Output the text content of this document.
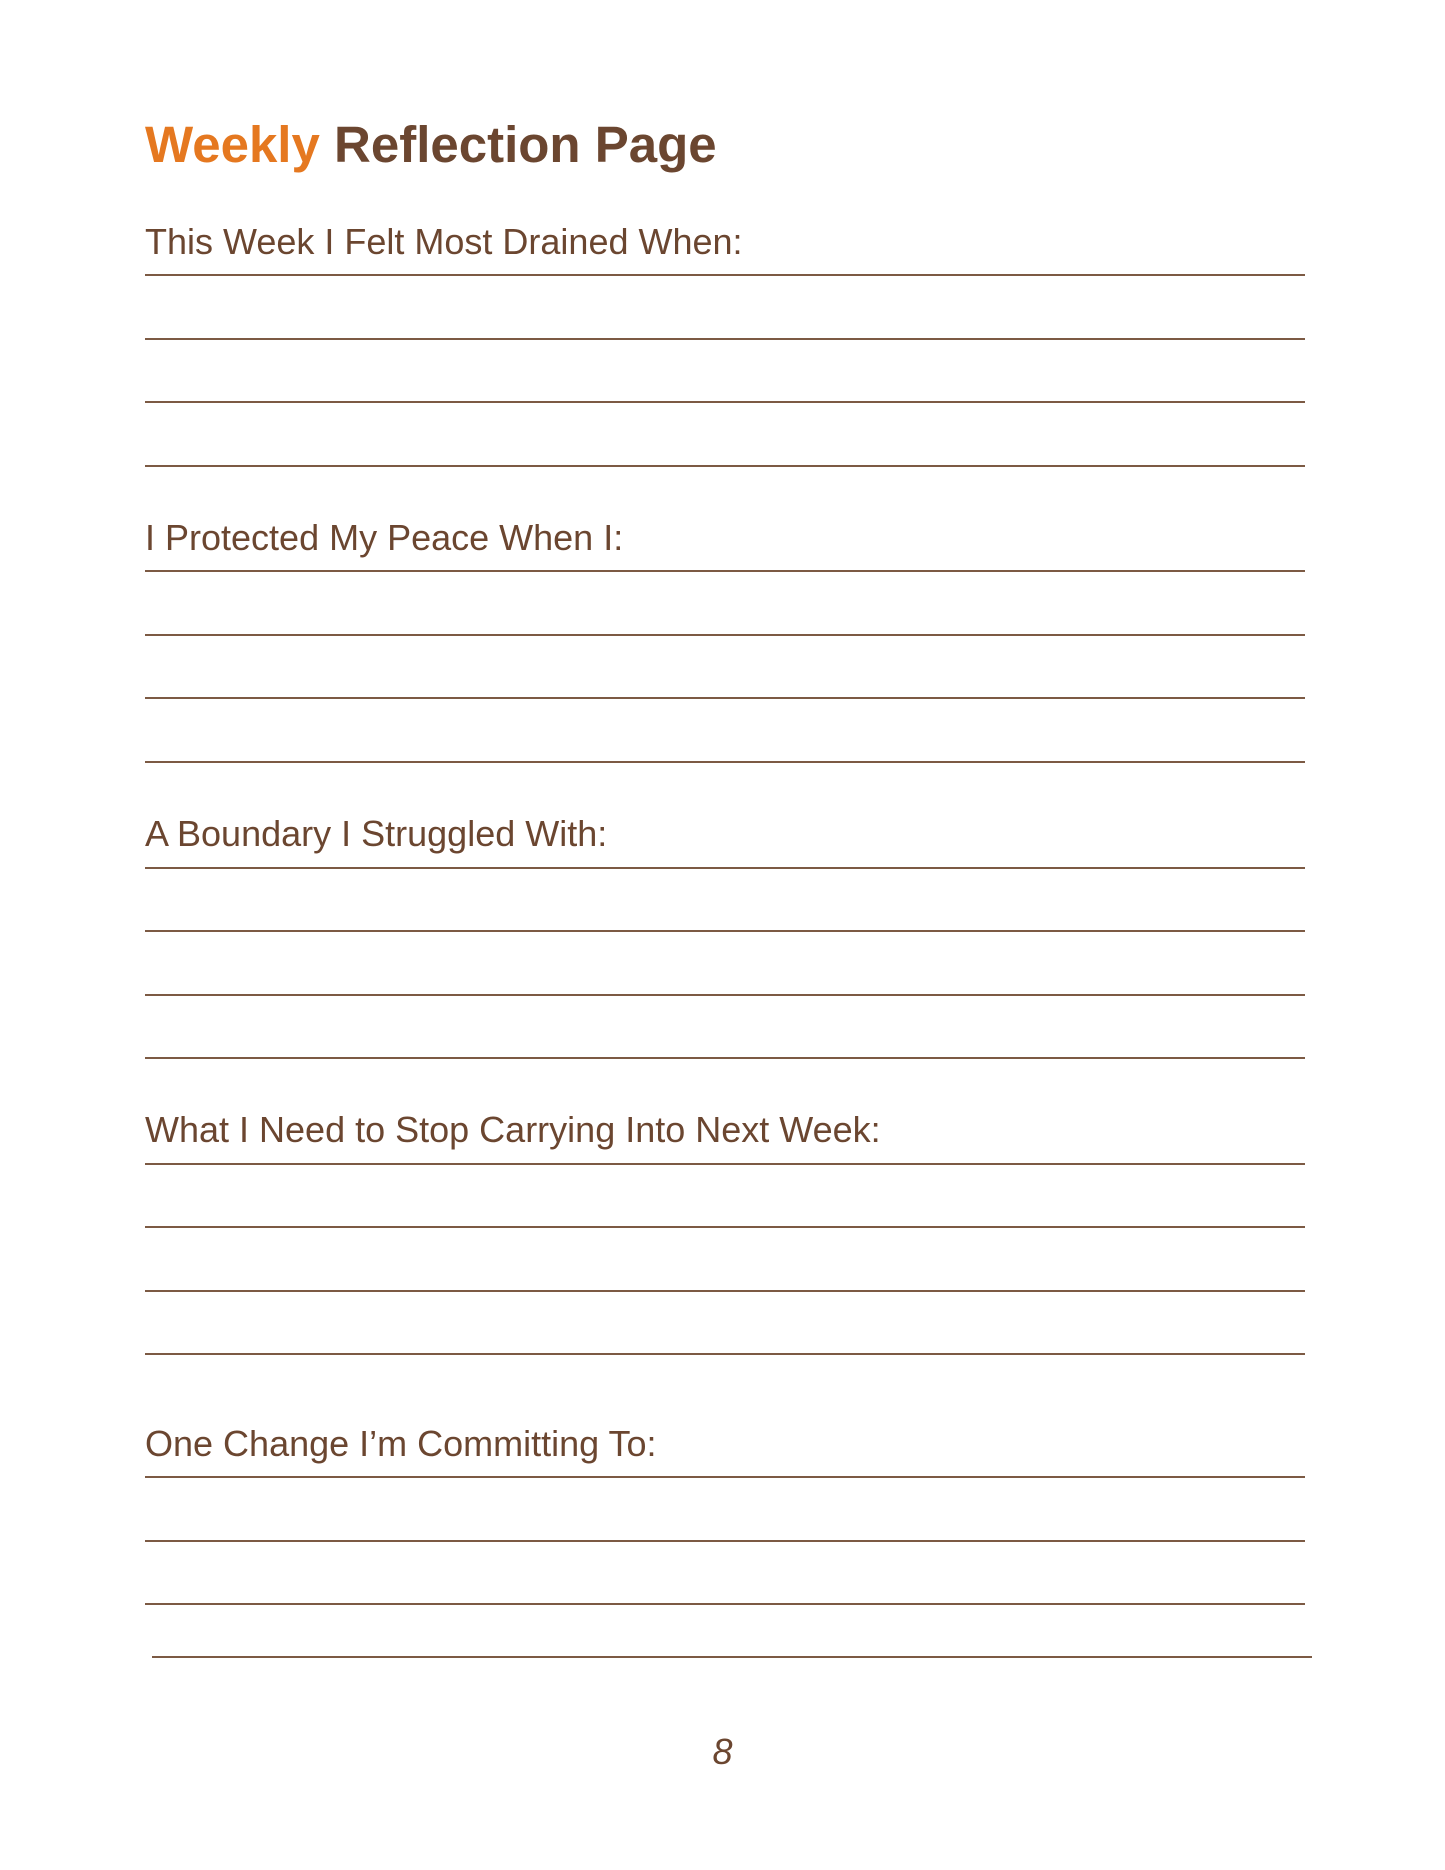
Weekly Reflection Page
This Week I Felt Most Drained When:
I Protected My Peace When I:
A Boundary I Struggled With:
What I Need to Stop Carrying Into Next Week:
One Change I’m Committing To:
8
